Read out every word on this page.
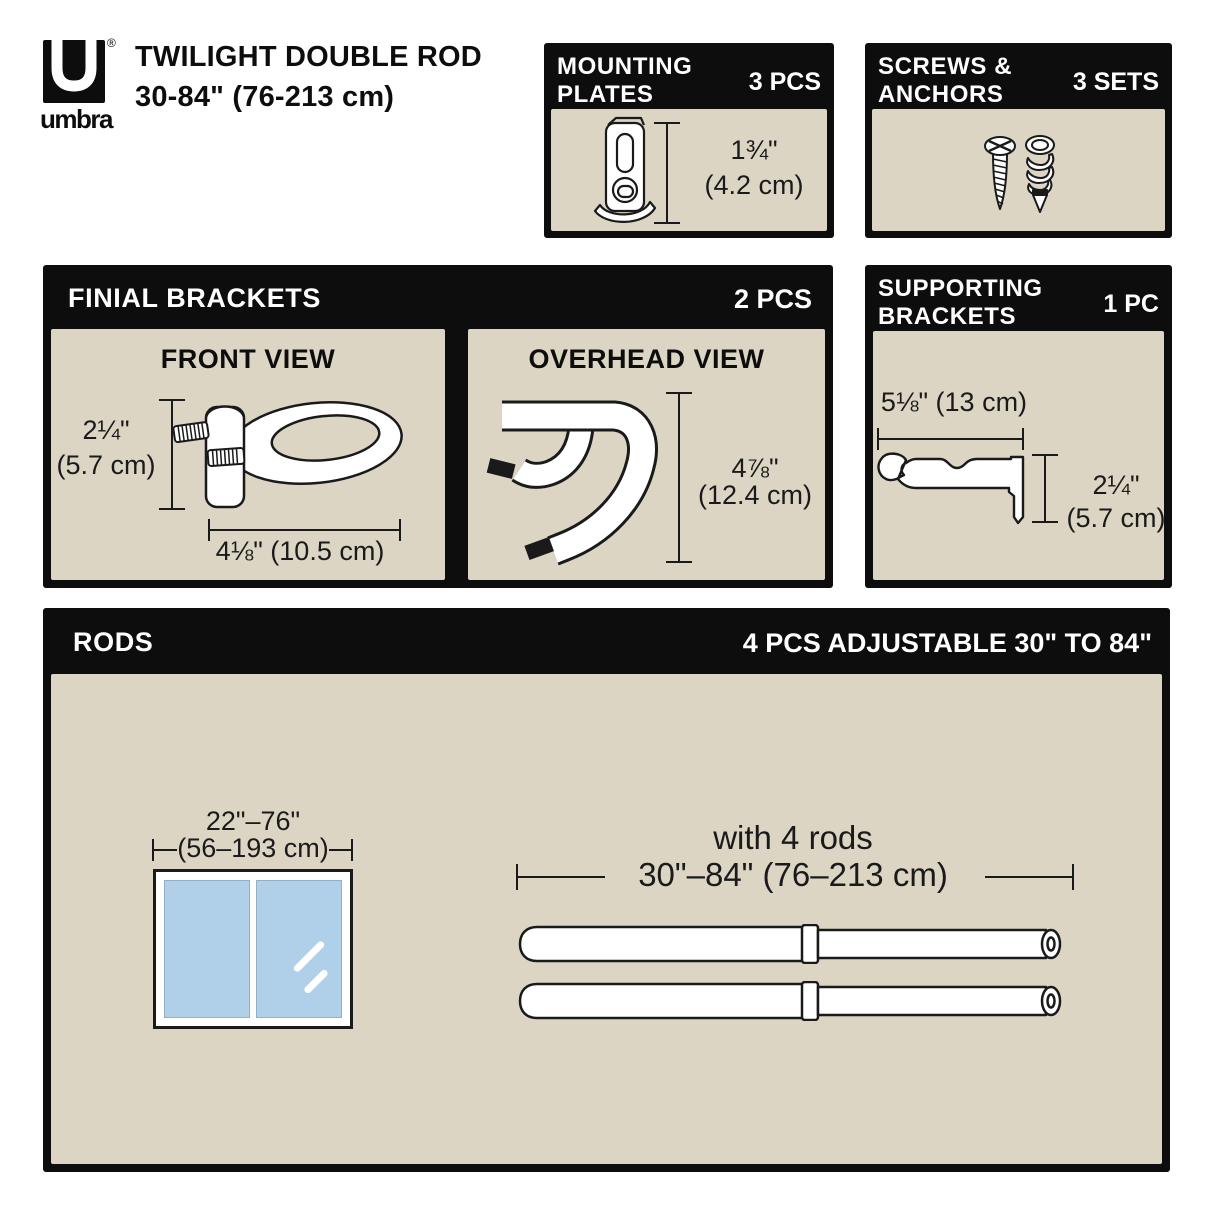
®
umbra
TWILIGHT DOUBLE ROD
30-84" (76-213 cm)
MOUNTING
PLATES	3 PCS
1¾"
(4.2 cm)
SCREWS &
ANCHORS	3 SETS
FINIAL BRACKETS	2 PCS
FRONT VIEW
2¼"
(5.7 cm)
4⅛" (10.5 cm)
OVERHEAD VIEW
4⅞"
(12.4 cm)
SUPPORTING
BRACKETS	1 PC
5⅛" (13 cm)
2¼"
(5.7 cm)
RODS	4 PCS ADJUSTABLE 30" TO 84"
22"–76"
(56–193 cm)	with 4 rods
30"–84" (76–213 cm)
